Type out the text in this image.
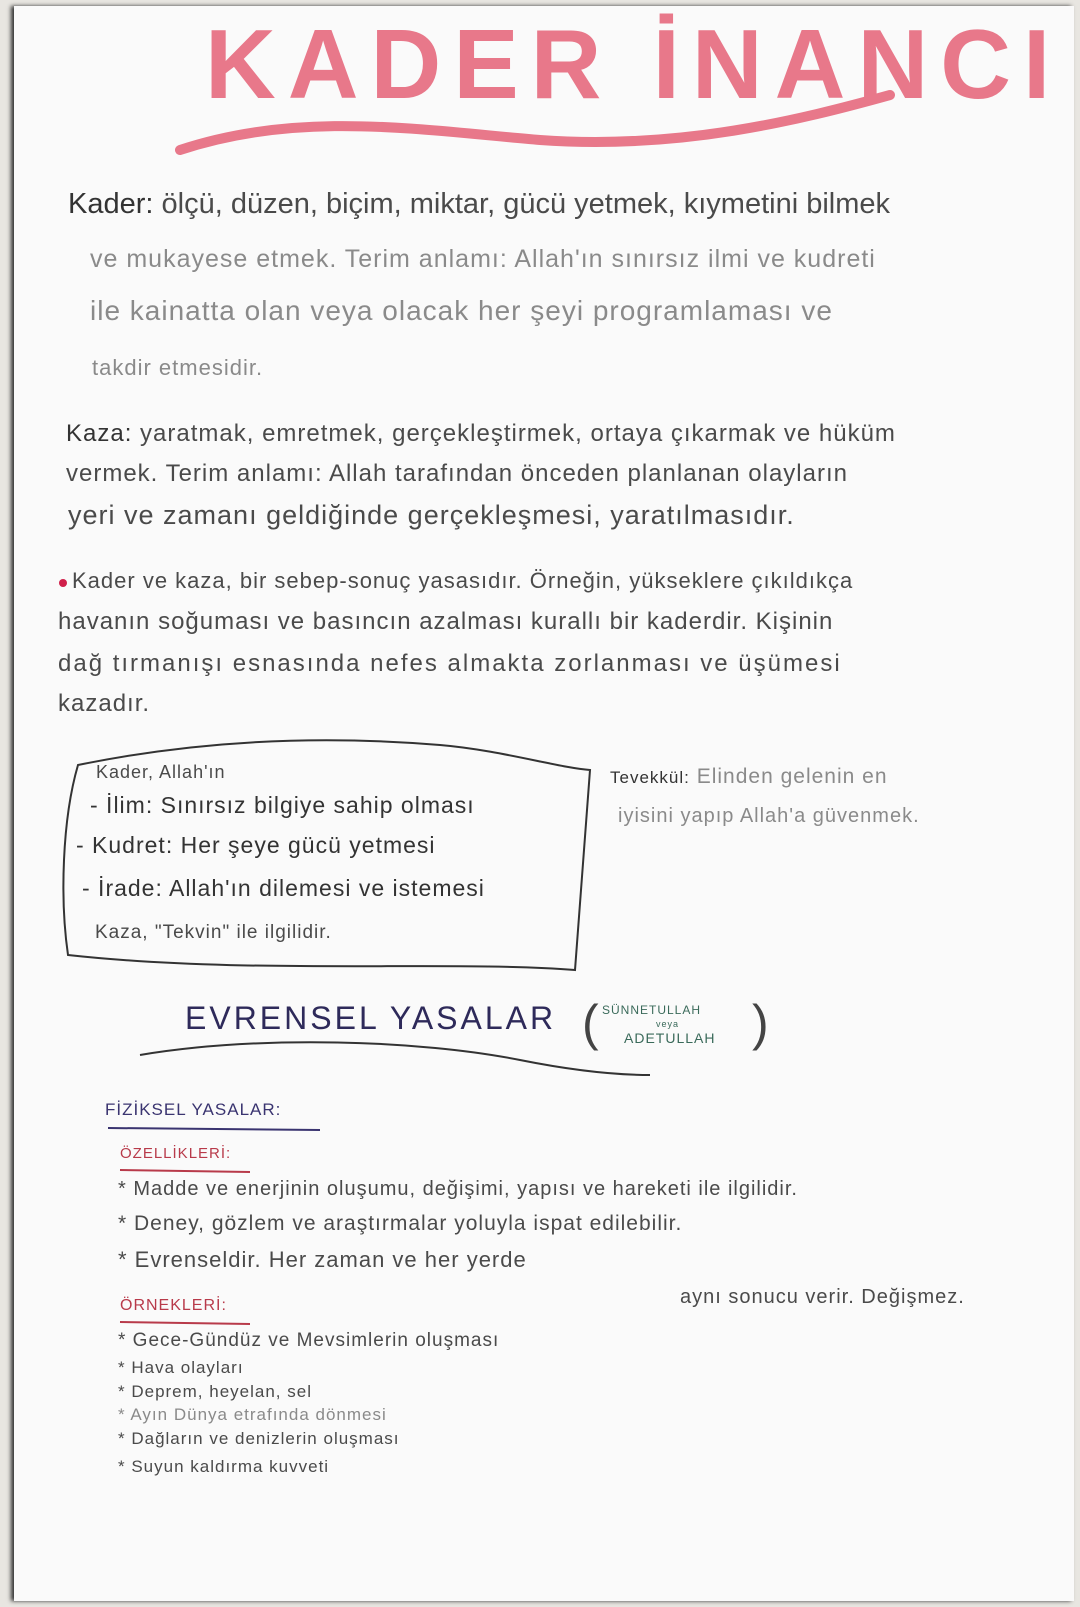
KADER İNANCI
(	)
Kader: ölçü, düzen, biçim, miktar, gücü yetmek, kıymetini bilmek
ve mukayese etmek. Terim anlamı: Allah'ın sınırsız ilmi ve kudreti
ile kainatta olan veya olacak her şeyi programlaması ve
takdir etmesidir.
Kaza: yaratmak, emretmek, gerçekleştirmek, ortaya çıkarmak ve hüküm
vermek. Terim anlamı: Allah tarafından önceden planlanan olayların
yeri ve zamanı geldiğinde gerçekleşmesi, yaratılmasıdır.
Kader ve kaza, bir sebep-sonuç yasasıdır. Örneğin, yükseklere çıkıldıkça
havanın soğuması ve basıncın azalması kurallı bir kaderdir. Kişinin
dağ tırmanışı esnasında nefes almakta zorlanması ve üşümesi
kazadır.
Kader, Allah'ın
- İlim: Sınırsız bilgiye sahip olması
- Kudret: Her şeye gücü yetmesi
- İrade: Allah'ın dilemesi ve istemesi
Kaza, "Tekvin" ile ilgilidir.
Tevekkül: Elinden gelenin en
iyisini yapıp Allah'a güvenmek.
EVRENSEL YASALAR	SÜNNETULLAH
veya
ADETULLAH
FİZİKSEL YASALAR:
ÖZELLİKLERİ:
* Madde ve enerjinin oluşumu, değişimi, yapısı ve hareketi ile ilgilidir.
* Deney, gözlem ve araştırmalar yoluyla ispat edilebilir.
* Evrenseldir. Her zaman ve her yerde
aynı sonucu verir. Değişmez.
ÖRNEKLERİ:
* Gece-Gündüz ve Mevsimlerin oluşması
* Hava olayları
* Deprem, heyelan, sel
* Ayın Dünya etrafında dönmesi
* Dağların ve denizlerin oluşması
* Suyun kaldırma kuvveti
